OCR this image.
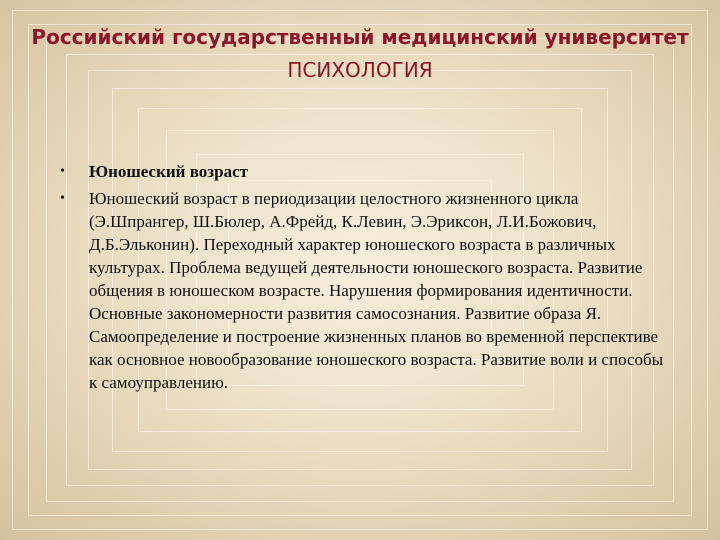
Российский государственный медицинский университет
ПСИХОЛОГИЯ
• Юношеский возраст
• Юношеский возраст в периодизации целостного жизненного цикла (Э.Шпрангер, Ш.Бюлер, А.Фрейд, К.Левин, Э.Эриксон, Л.И.Божович, Д.Б.Эльконин). Переходный характер юношеского возраста в различных культурах. Проблема ведущей деятельности юношеского возраста. Развитие общения в юношеском возрасте. Нарушения формирования идентичности. Основные закономерности развития самосознания. Развитие образа Я. Самоопределение и построение жизненных планов во временной перспективе как основное новообразование юношеского возраста. Развитие воли и способы к самоуправлению.
